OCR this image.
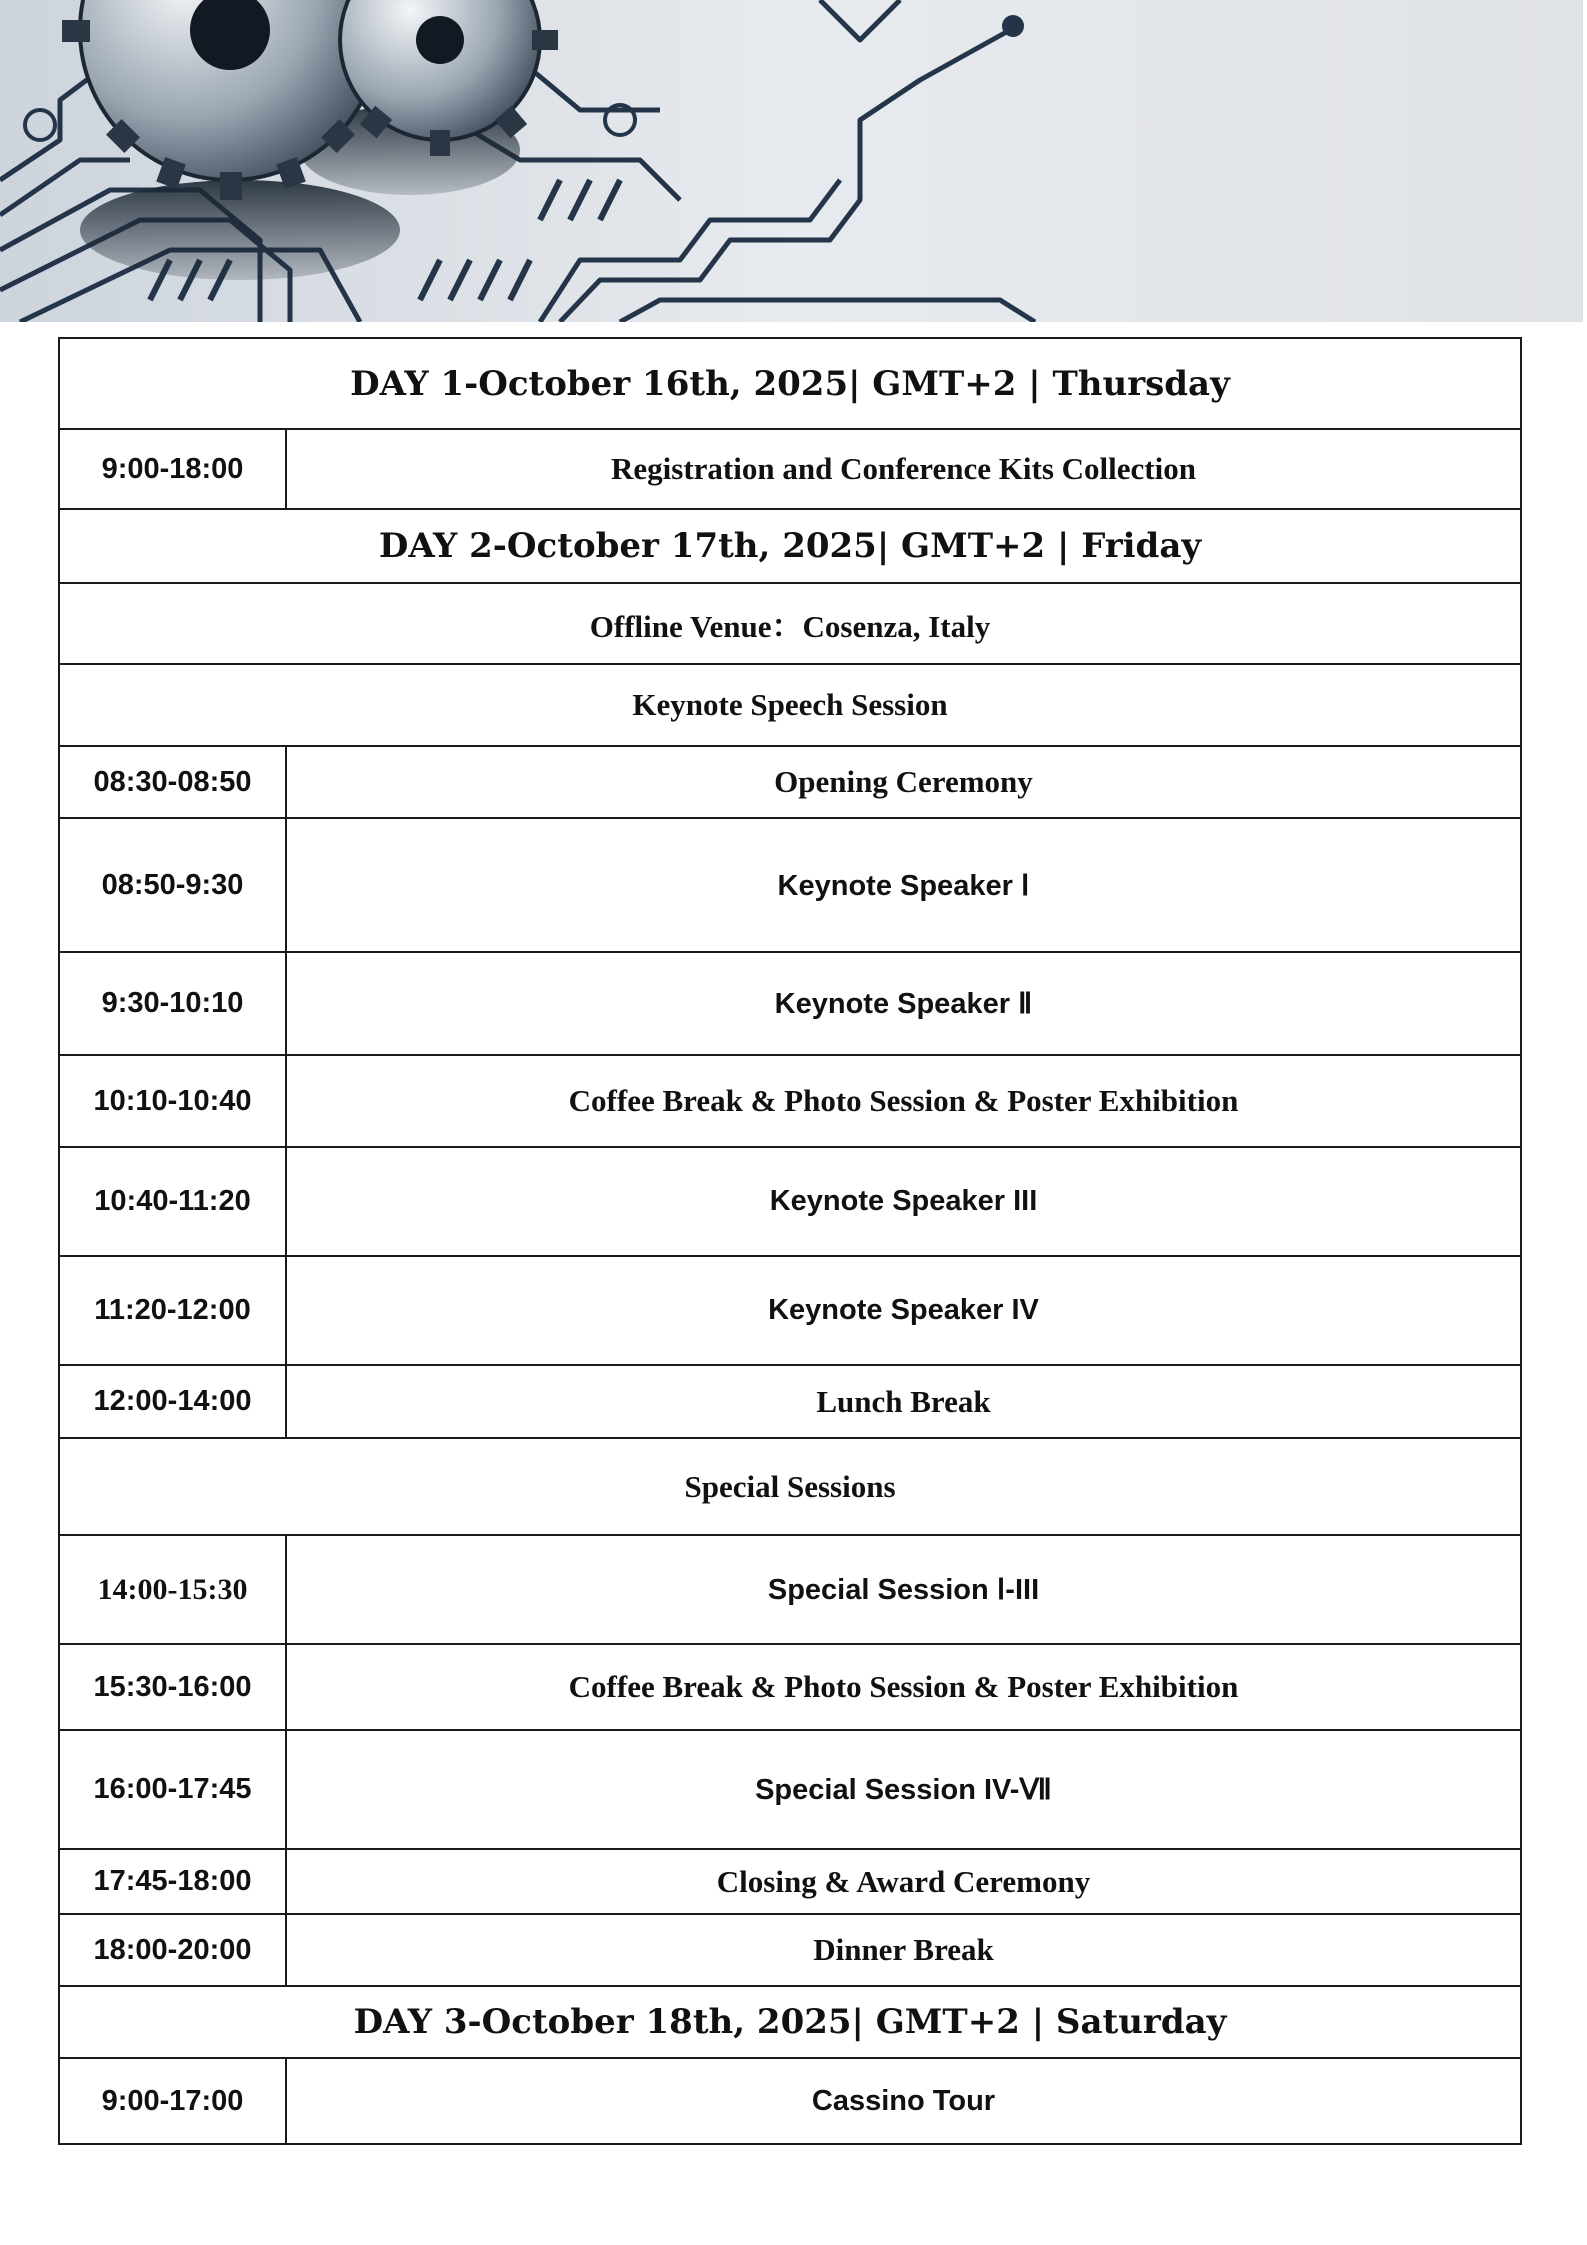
DAY 1-October 16th, 2025| GMT+2 | Thursday	
9:00-18:00	Registration and Conference Kits Collection
DAY 2-October 17th, 2025| GMT+2 | Friday	
Offline Venue：Cosenza, Italy	
Keynote Speech Session	
08:30-08:50	Opening Ceremony
08:50-9:30	Keynote Speaker Ⅰ
9:30-10:10	Keynote Speaker Ⅱ
10:10-10:40	Coffee Break & Photo Session & Poster Exhibition
10:40-11:20	Keynote Speaker III
11:20-12:00	Keynote Speaker IV
12:00-14:00	Lunch Break
Special Sessions	
14:00-15:30	Special Session Ⅰ-III
15:30-16:00	Coffee Break & Photo Session & Poster Exhibition
16:00-17:45	Special Session IV-Ⅶ
17:45-18:00	Closing & Award Ceremony
18:00-20:00	Dinner Break
DAY 3-October 18th, 2025| GMT+2 | Saturday	
9:00-17:00	Cassino Tour
